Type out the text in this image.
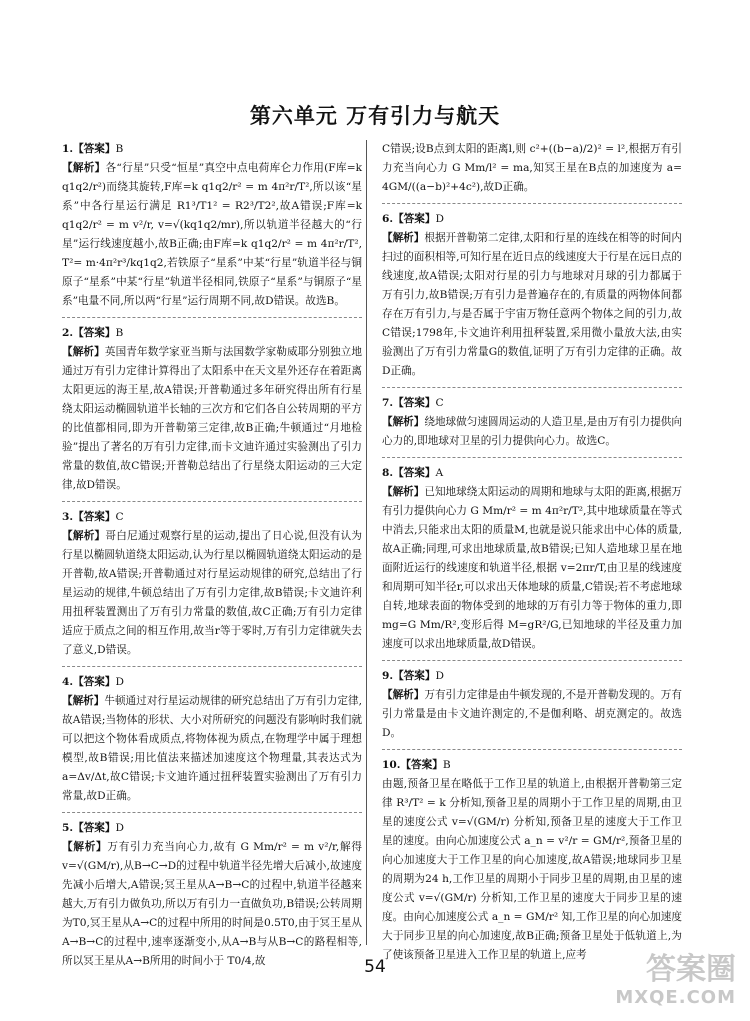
第六单元 万有引力与航天

1.【答案】B

【解析】各“行星”只受“恒星”真空中点电荷库仑力作用(F库=k q1q2/r²)而绕其旋转,F库=k q1q2/r² = m 4π²r/T²,所以该“星系”中各行星运行满足 R1³/T1² = R2³/T2²,故A错误;F库=k q1q2/r² = m v²/r, v=√(kq1q2/mr),所以轨道半径越大的“行星”运行线速度越小,故B正确;由F库=k q1q2/r² = m 4π²r/T², T²= m·4π²r³/kq1q2,若铁原子“星系”中某“行星”轨道半径与铜原子“星系”中某“行星”轨道半径相同,铁原子“星系”与铜原子“星系”电量不同,所以两“行星”运行周期不同,故D错误。故选B。

2.【答案】B

【解析】英国青年数学家亚当斯与法国数学家勒威耶分别独立地通过万有引力定律计算得出了太阳系中在天文星外还存在着距离太阳更远的海王星,故A错误;开普勒通过多年研究得出所有行星绕太阳运动椭圆轨道半长轴的三次方和它们各自公转周期的平方的比值都相同,即为开普勒第三定律,故B正确;牛顿通过“月地检验”提出了著名的万有引力定律,而卡文迪许通过实验测出了引力常量的数值,故C错误;开普勒总结出了行星绕太阳运动的三大定律,故D错误。

3.【答案】C

【解析】哥白尼通过观察行星的运动,提出了日心说,但没有认为行星以椭圆轨道绕太阳运动,认为行星以椭圆轨道绕太阳运动的是开普勒,故A错误;开普勒通过对行星运动规律的研究,总结出了行星运动的规律,牛顿总结出了万有引力定律,故B错误;卡文迪许利用扭秤装置测出了万有引力常量的数值,故C正确;万有引力定律适应于质点之间的相互作用,故当r等于零时,万有引力定律就失去了意义,D错误。

4.【答案】D

【解析】牛顿通过对行星运动规律的研究总结出了万有引力定律,故A错误;当物体的形状、大小对所研究的问题没有影响时我们就可以把这个物体看成质点,将物体视为质点,在物理学中属于理想模型,故B错误;用比值法来描述加速度这个物理量,其表达式为 a=Δv/Δt,故C错误;卡文迪许通过扭秤装置实验测出了万有引力常量,故D正确。

5.【答案】D

【解析】万有引力充当向心力,故有 G Mm/r² = m v²/r,解得 v=√(GM/r),从B→C→D的过程中轨道半径先增大后减小,故速度先减小后增大,A错误;冥王星从A→B→C的过程中,轨道半径越来越大,万有引力做负功,所以万有引力一直做负功,B错误;公转周期为T0,冥王星从A→C的过程中所用的时间是0.5T0,由于冥王星从A→B→C的过程中,速率逐渐变小,从A→B与从B→C的路程相等,所以冥王星从A→B所用的时间小于 T0/4,故

C错误;设B点到太阳的距离l,则 c²+((b−a)/2)² = l²,根据万有引力充当向心力 G Mm/l² = ma,知冥王星在B点的加速度为 a= 4GM/((a−b)²+4c²),故D正确。

6.【答案】D

【解析】根据开普勒第二定律,太阳和行星的连线在相等的时间内扫过的面积相等,可知行星在近日点的线速度大于行星在远日点的线速度,故A错误;太阳对行星的引力与地球对月球的引力都属于万有引力,故B错误;万有引力是普遍存在的,有质量的两物体间都存在万有引力,与是否属于宇宙万物任意两个物体之间的引力,故C错误;1798年,卡文迪许利用扭秤装置,采用微小量放大法,由实验测出了万有引力常量G的数值,证明了万有引力定律的正确。故D正确。

7.【答案】C

【解析】绕地球做匀速圆周运动的人造卫星,是由万有引力提供向心力的,即地球对卫星的引力提供向心力。故选C。

8.【答案】A

【解析】已知地球绕太阳运动的周期和地球与太阳的距离,根据万有引力提供向心力 G Mm/r² = m 4π²r/T²,其中地球质量在等式中消去,只能求出太阳的质量M,也就是说只能求出中心体的质量,故A正确;同理,可求出地球质量,故B错误;已知人造地球卫星在地面附近运行的线速度和轨道半径,根据 v=2πr/T,由卫星的线速度和周期可知半径r,可以求出天体地球的质量,C错误;若不考虑地球自转,地球表面的物体受到的地球的万有引力等于物体的重力,即 mg=G Mm/R²,变形后得 M=gR²/G,已知地球的半径及重力加速度可以求出地球质量,故D错误。

9.【答案】D

【解析】万有引力定律是由牛顿发现的,不是开普勒发现的。万有引力常量是由卡文迪许测定的,不是伽利略、胡克测定的。故选D。

10.【答案】B

由题,预备卫星在略低于工作卫星的轨道上,由根据开普勒第三定律 R³/T² = k 分析知,预备卫星的周期小于工作卫星的周期,由卫星的速度公式 v=√(GM/r) 分析知,预备卫星的速度大于工作卫星的速度。由向心加速度公式 a_n = v²/r = GM/r²,预备卫星的向心加速度大于工作卫星的向心加速度,故A错误;地球同步卫星的周期为24 h,工作卫星的周期小于同步卫星的周期,由卫星的速度公式 v=√(GM/r) 分析知,工作卫星的速度大于同步卫星的速度。由向心加速度公式 a_n = GM/r² 知,工作卫星的向心加速度大于同步卫星的向心加速度,故B正确;预备卫星处于低轨道上,为了使该预备卫星进入工作卫星的轨道上,应考

54	答案圈
MXQE.COM
